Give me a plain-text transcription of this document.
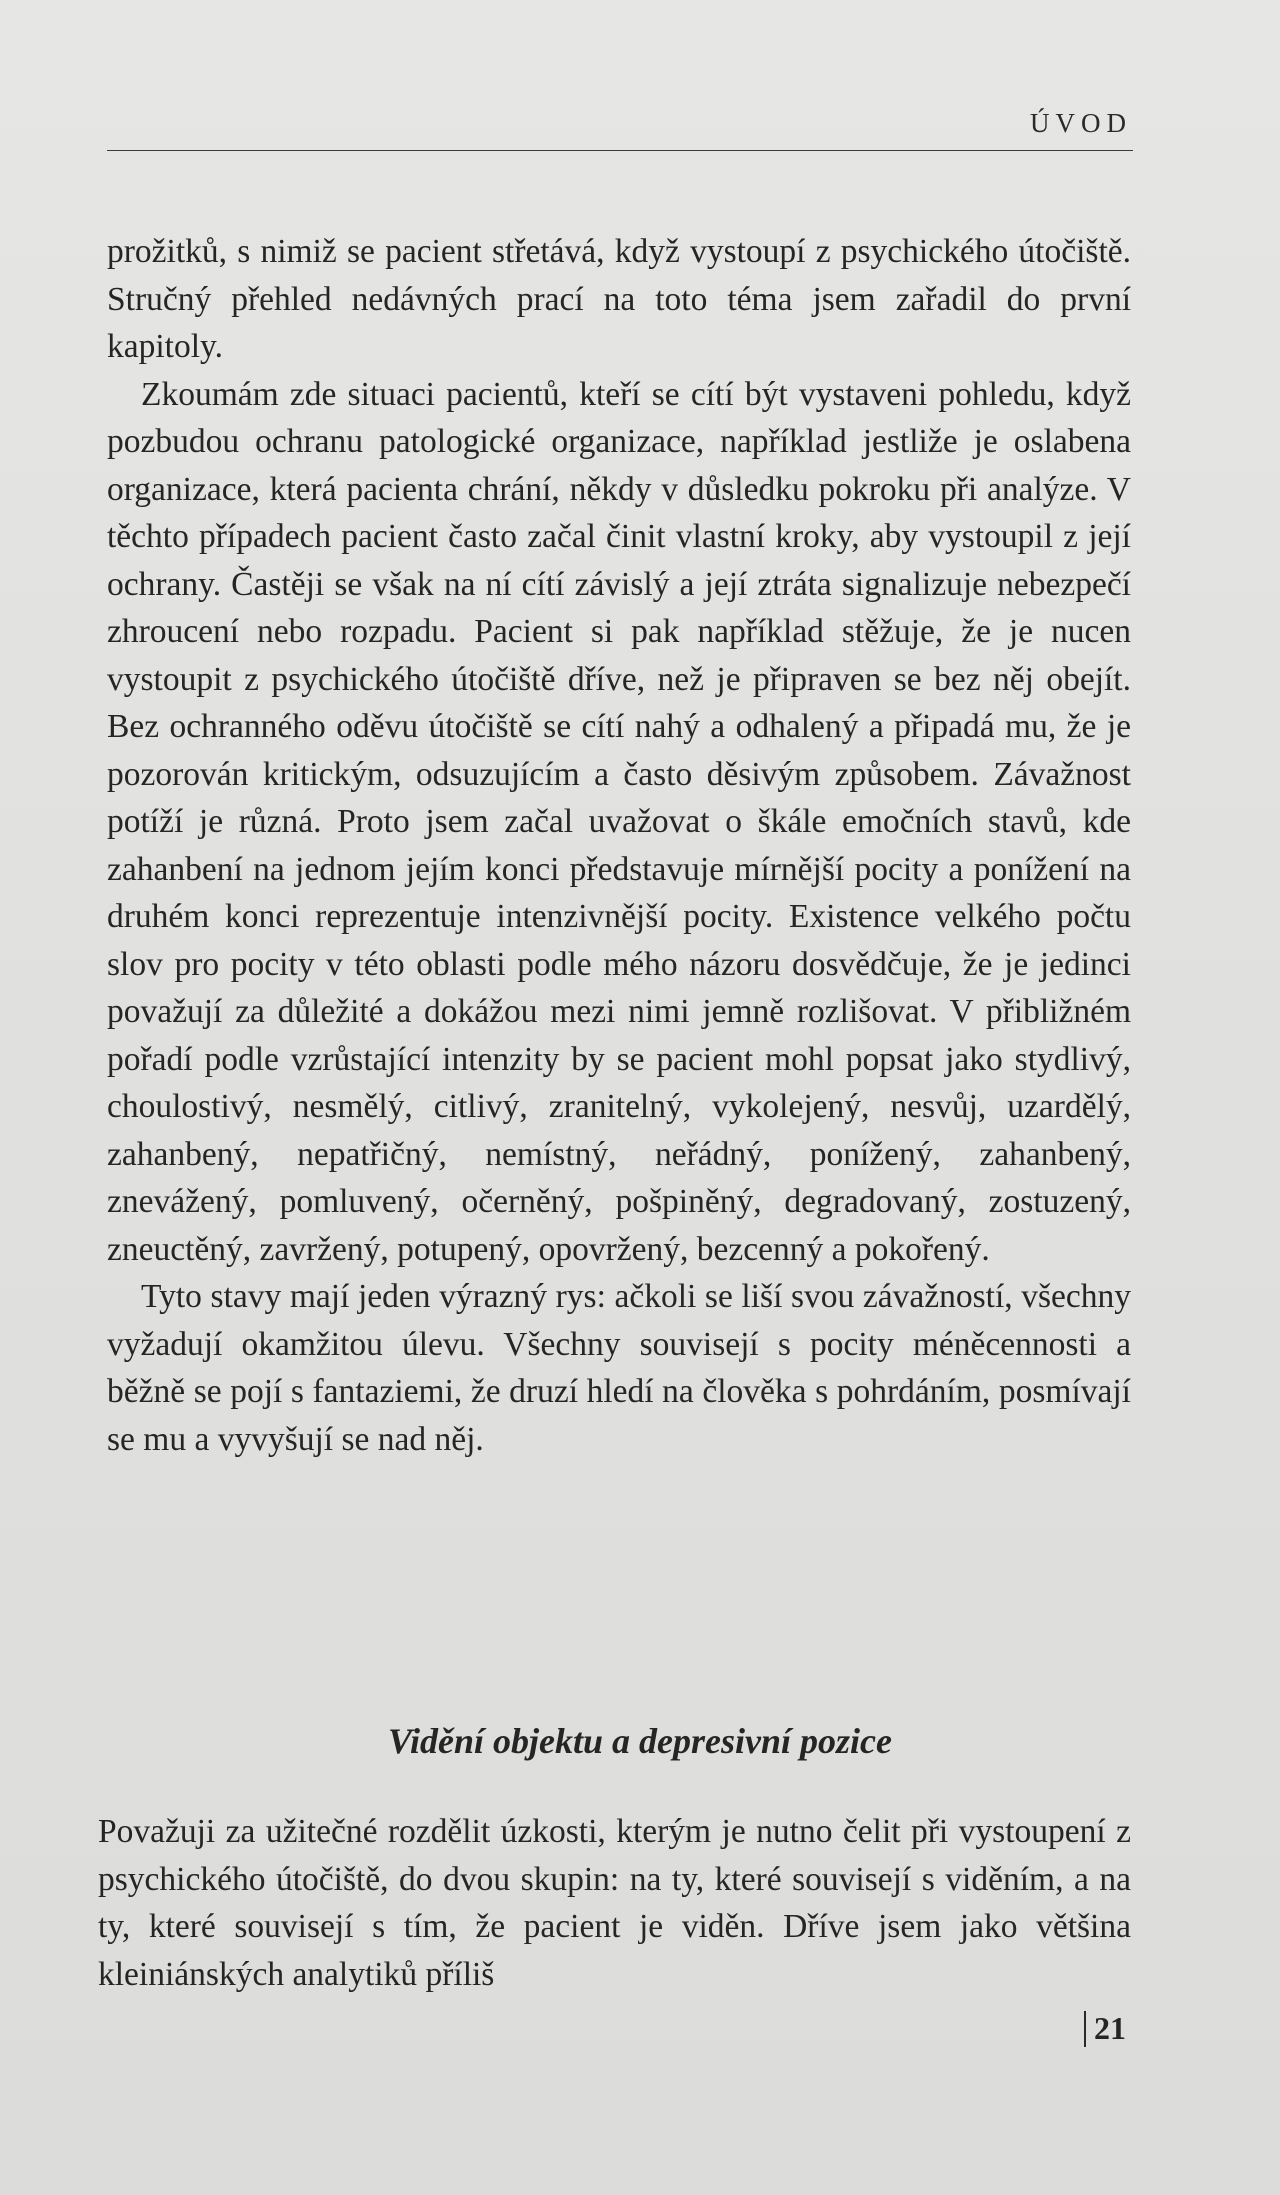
ÚVOD

prožitků, s nimiž se pacient střetává, když vystoupí z psychického útočiště. Stručný přehled nedávných prací na toto téma jsem zařadil do první kapitoly.

Zkoumám zde situaci pacientů, kteří se cítí být vystaveni pohledu, když pozbudou ochranu patologické organizace, například jestliže je oslabena organizace, která pacienta chrání, někdy v důsledku pokroku při analýze. V těchto případech pacient často začal činit vlastní kroky, aby vystoupil z její ochrany. Častěji se však na ní cítí závislý a její ztráta signalizuje nebezpečí zhroucení nebo rozpadu. Pacient si pak například stěžuje, že je nucen vystoupit z psychického útočiště dříve, než je připraven se bez něj obejít. Bez ochranného oděvu útočiště se cítí nahý a odhalený a připadá mu, že je pozorován kritickým, odsuzujícím a často děsivým způsobem. Závažnost potíží je různá. Proto jsem začal uvažovat o škále emočních stavů, kde zahanbení na jednom jejím konci představuje mírnější pocity a ponížení na druhém konci reprezentuje intenzivnější pocity. Existence velkého počtu slov pro pocity v této oblasti podle mého názoru dosvědčuje, že je jedinci považují za důležité a dokážou mezi nimi jemně rozlišovat. V přibližném pořadí podle vzrůstající intenzity by se pacient mohl popsat jako stydlivý, choulostivý, nesmělý, citlivý, zranitelný, vykolejený, nesvůj, uzardělý, zahanbený, nepatřičný, nemístný, neřádný, ponížený, zahanbený, znevážený, pomluvený, očerněný, pošpiněný, degradovaný, zostuzený, zneuctěný, zavržený, potupený, opovržený, bezcenný a pokořený.

Tyto stavy mají jeden výrazný rys: ačkoli se liší svou závažností, všechny vyžadují okamžitou úlevu. Všechny souvisejí s pocity méněcennosti a běžně se pojí s fantaziemi, že druzí hledí na člověka s pohrdáním, posmívají se mu a vyvyšují se nad něj.

Vidění objektu a depresivní pozice

Považuji za užitečné rozdělit úzkosti, kterým je nutno čelit při vystoupení z psychického útočiště, do dvou skupin: na ty, které souvisejí s viděním, a na ty, které souvisejí s tím, že pacient je viděn. Dříve jsem jako většina kleiniánských analytiků příliš

21
